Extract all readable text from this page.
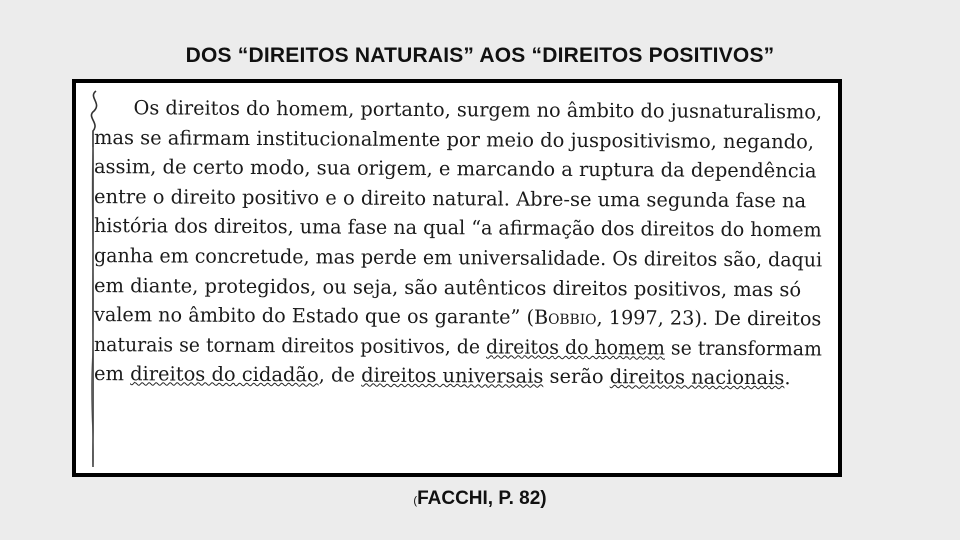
DOS “DIREITOS NATURAIS” AOS “DIREITOS POSITIVOS”
Os direitos do homem, portanto, surgem no âmbito do jusnaturalismo,
mas se afirmam institucionalmente por meio do juspositivismo, negando,
assim, de certo modo, sua origem, e marcando a ruptura da dependência
entre o direito positivo e o direito natural. Abre-se uma segunda fase na
história dos direitos, uma fase na qual “a afirmação dos direitos do homem
ganha em concretude, mas perde em universalidade. Os direitos são, daqui
em diante, protegidos, ou seja, são autênticos direitos positivos, mas só
valem no âmbito do Estado que os garante” (Bobbio, 1997, 23). De direitos
naturais se tornam direitos positivos, de direitos do homem se transformam
em direitos do cidadão, de direitos universais serão direitos nacionais.
(FACCHI, P. 82)
